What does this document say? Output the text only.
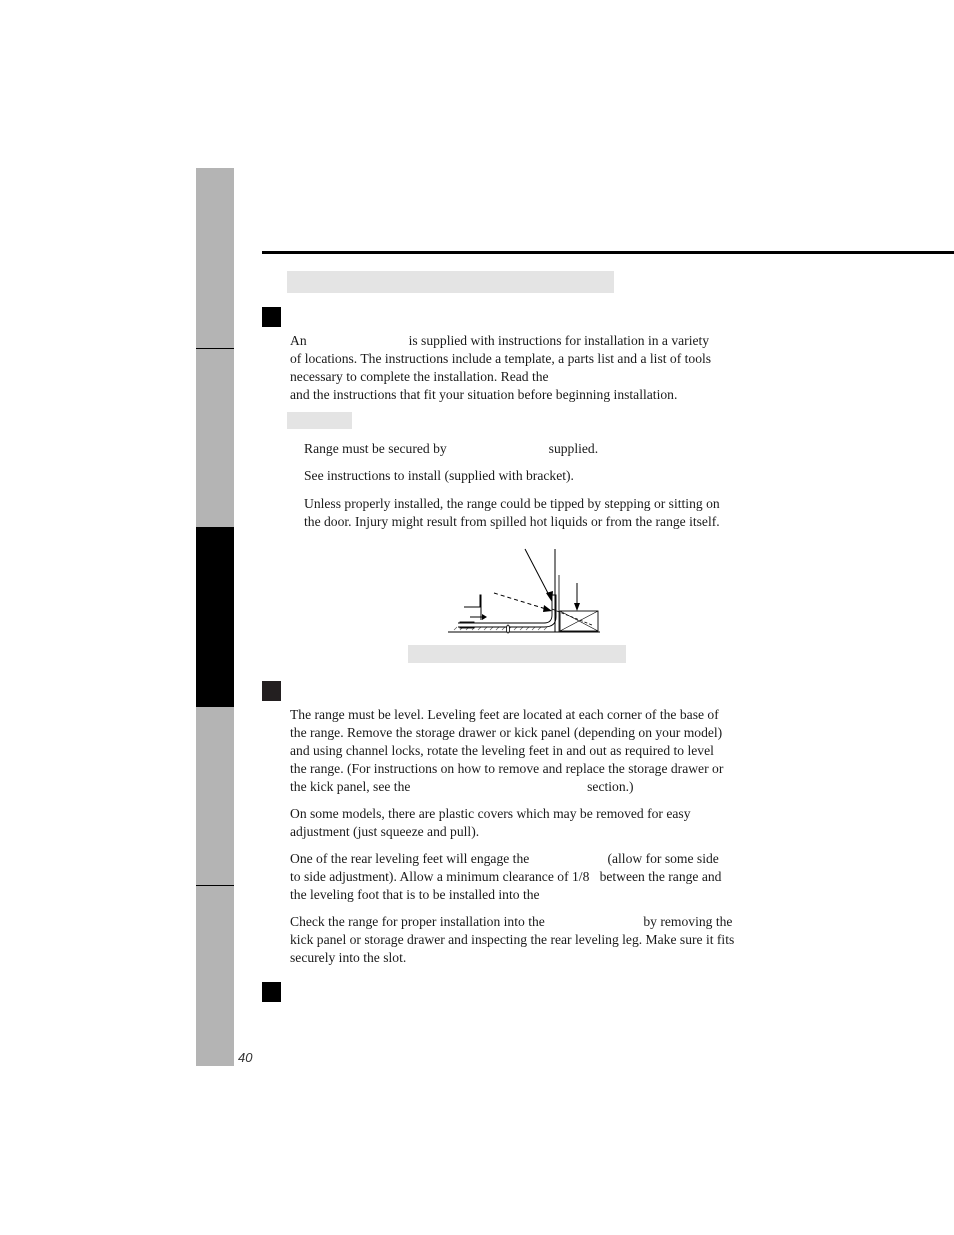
An                              is supplied with instructions for installation in a variety
of locations. The instructions include a template, a parts list and a list of tools
necessary to complete the installation. Read the
and the instructions that fit your situation before beginning installation.
Range must be secured by                              supplied.
See instructions to install (supplied with bracket).
Unless properly installed, the range could be tipped by stepping or sitting on
the door. Injury might result from spilled hot liquids or from the range itself.
The range must be level. Leveling feet are located at each corner of the base of
the range. Remove the storage drawer or kick panel (depending on your model)
and using channel locks, rotate the leveling feet in and out as required to level
the range. (For instructions on how to remove and replace the storage drawer or
the kick panel, see the                                                    section.)
On some models, there are plastic covers which may be removed for easy
adjustment (just squeeze and pull).
One of the rear leveling feet will engage the                       (allow for some side
to side adjustment). Allow a minimum clearance of 1/8   between the range and
the leveling foot that is to be installed into the
Check the range for proper installation into the                             by removing the
kick panel or storage drawer and inspecting the rear leveling leg. Make sure it fits
securely into the slot.
40
